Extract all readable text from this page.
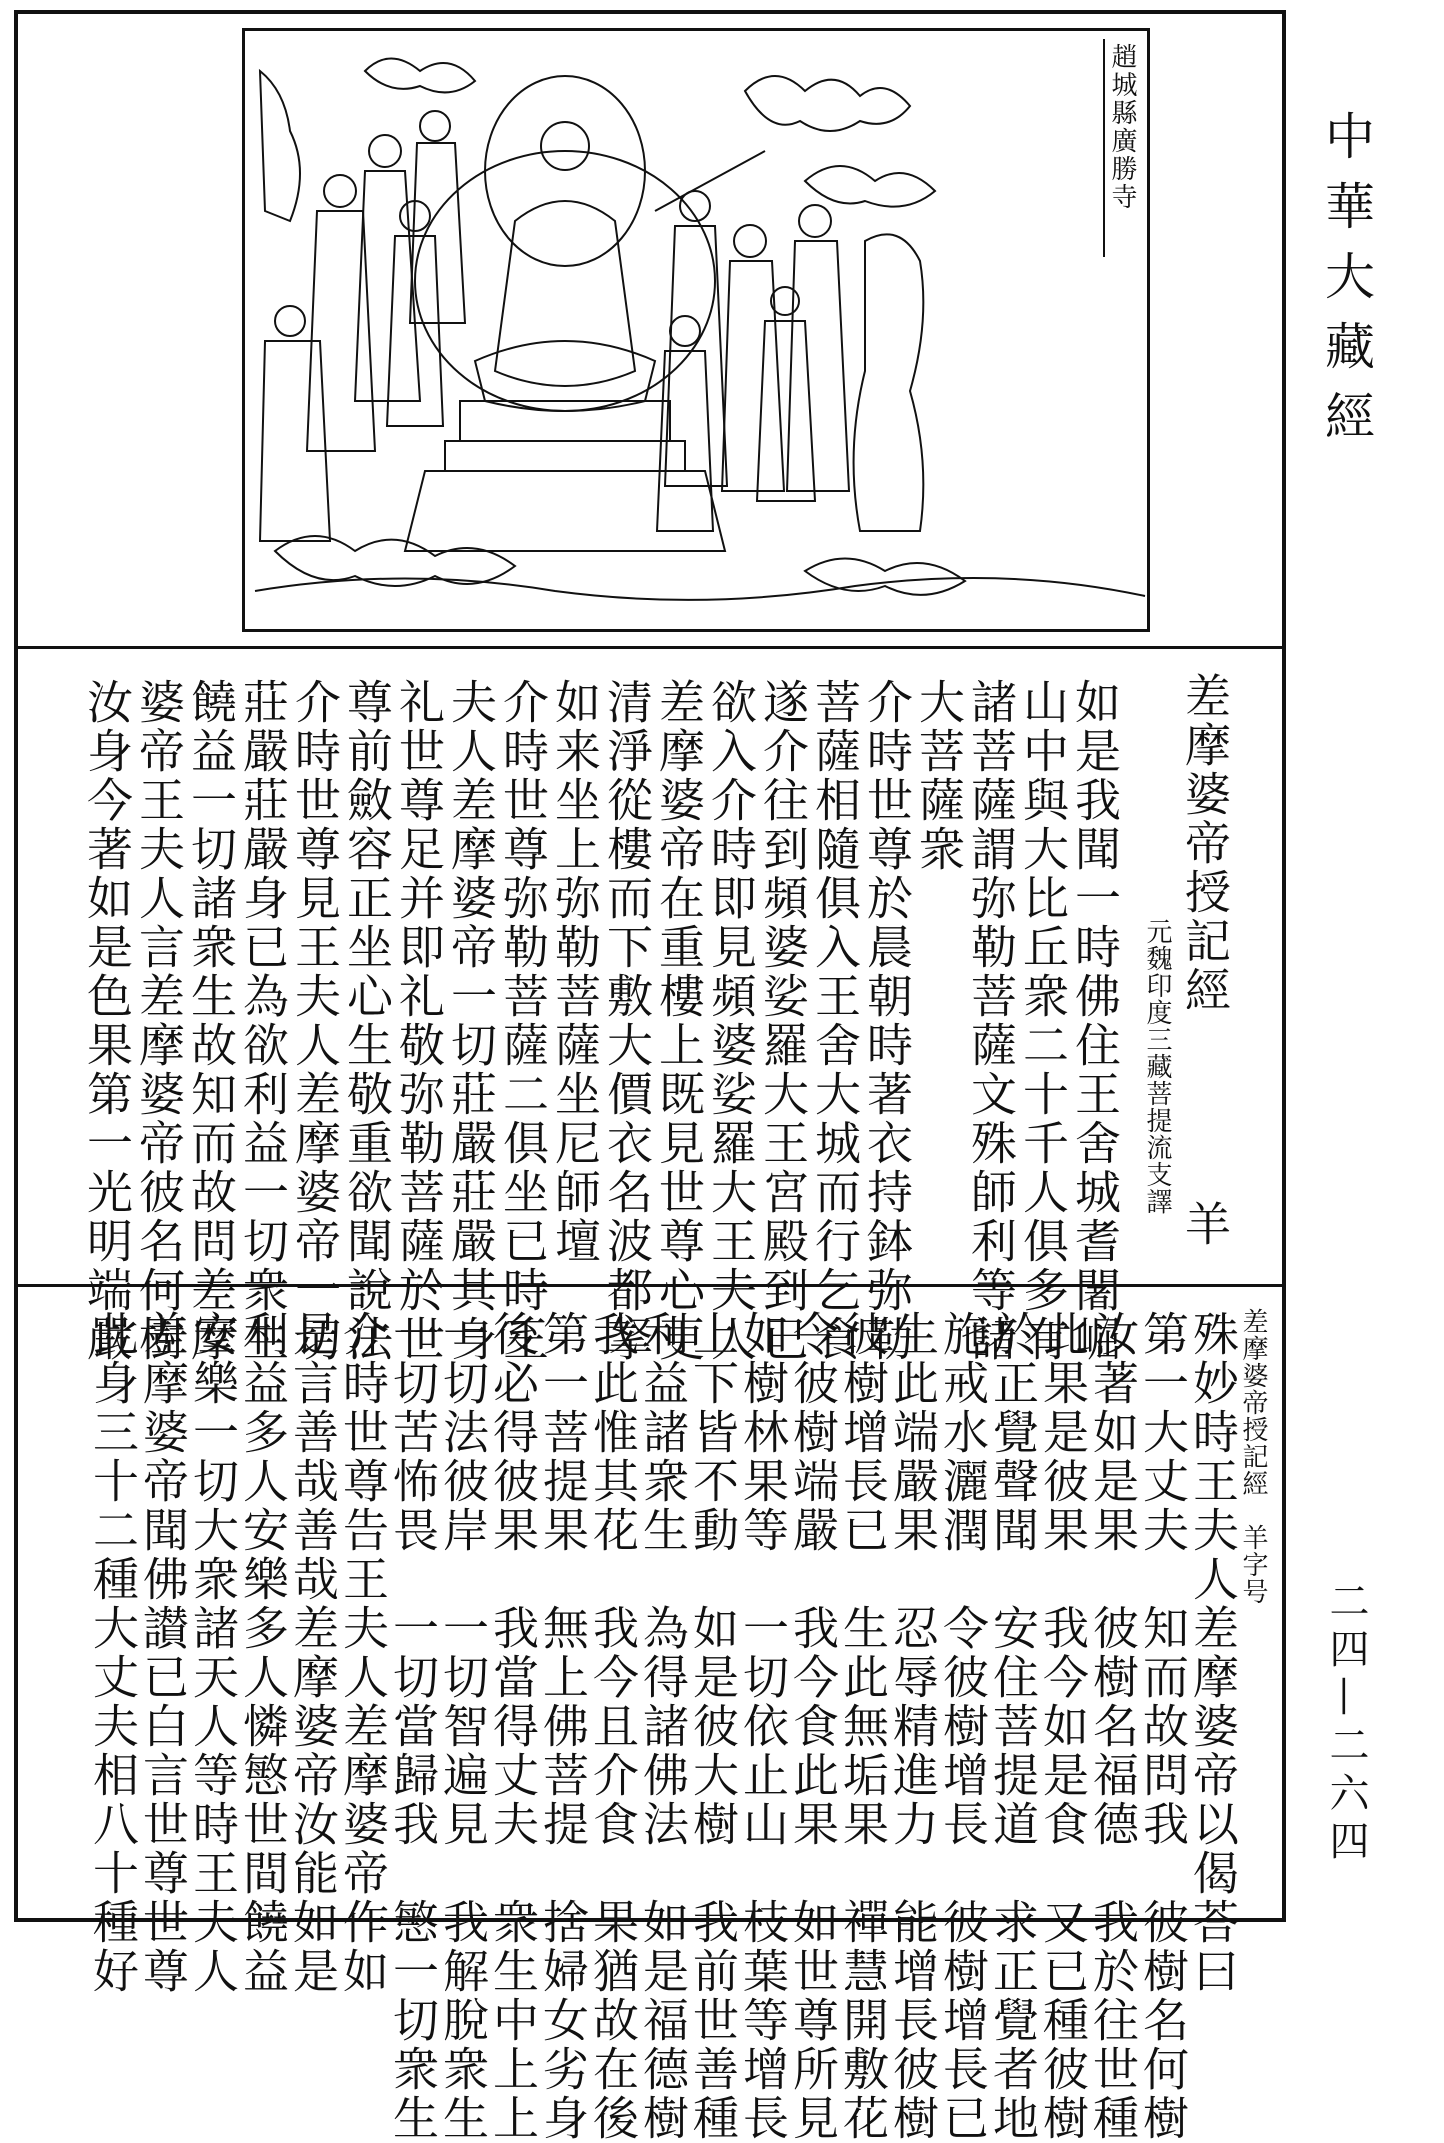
趙城縣廣勝寺	中華大藏經
二四—二六四
差摩婆帝授記經
羊
元魏印度三藏菩提流支譯
如是我聞一時佛住王舍城耆闍崛
山中與大比丘衆二十千人俱多有
諸菩薩謂弥勒菩薩文殊師利等諸
大菩薩衆
介時世尊於晨朝時著衣持鉢弥勒
菩薩相隨俱入王舍大城而行乞食
遂介往到頻婆娑羅大王宮殿到已
欲入介時即見頻婆娑羅大王夫人
差摩婆帝在重樓上既見世尊心更
清淨從樓而下敷大價衣名波都拏
如来坐上弥勒菩薩坐尼師壇
介時世尊弥勒菩薩二俱坐已時王
夫人差摩婆帝一切莊嚴莊嚴其身
礼世尊足并即礼敬弥勒菩薩於世
尊前斂容正坐心生敬重欲聞說法
介時世尊見王夫人差摩婆帝一切
莊嚴莊嚴身已為欲利益一切衆生
饒益一切諸衆生故知而故問差摩
婆帝王夫人言差摩婆帝彼名何樹
汝身今著如是色果第一光明端嚴
差摩婆帝授記經　羊字号
殊妙時王夫人差摩婆帝以偈荅曰
第一大丈夫　知而故問我　彼樹名何樹
汝著如是果　彼樹名福德　我於往世種
此果是彼果　我今如是食　又已種彼樹
於正覺聲聞　安住菩提道　求正覺者地
施戒水灑潤　令彼樹增長　彼樹增長已
生此端嚴果　忍辱精進力　能增長彼樹
彼樹增長已　生此無垢果　禪慧開敷花
令彼樹端嚴　我今食此果　如世尊所見
如樹林果等　一切依止山　枝葉等增長
上下皆不動　如是彼大樹　我前世善種
利益諸衆生　為得諸佛法　如是福德樹
我此惟其花　我今且介食　果猶故在後
第一菩提果　無上佛菩提　捨婦女劣身
後必得彼果　我當得丈夫　衆生中上上
一切法彼岸　一切智遍見　我解脫衆生
一切苦怖畏　一切當歸我　慜一切衆生
介時世尊告王夫人差摩婆帝作如
是言善哉善哉差摩婆帝汝能如是
利益多人安樂多人憐慜世間饒益
安樂一切大衆諸天人等時王夫人
差摩婆帝聞佛讃已白言世尊世尊
此身三十二種大丈夫相八十種好
